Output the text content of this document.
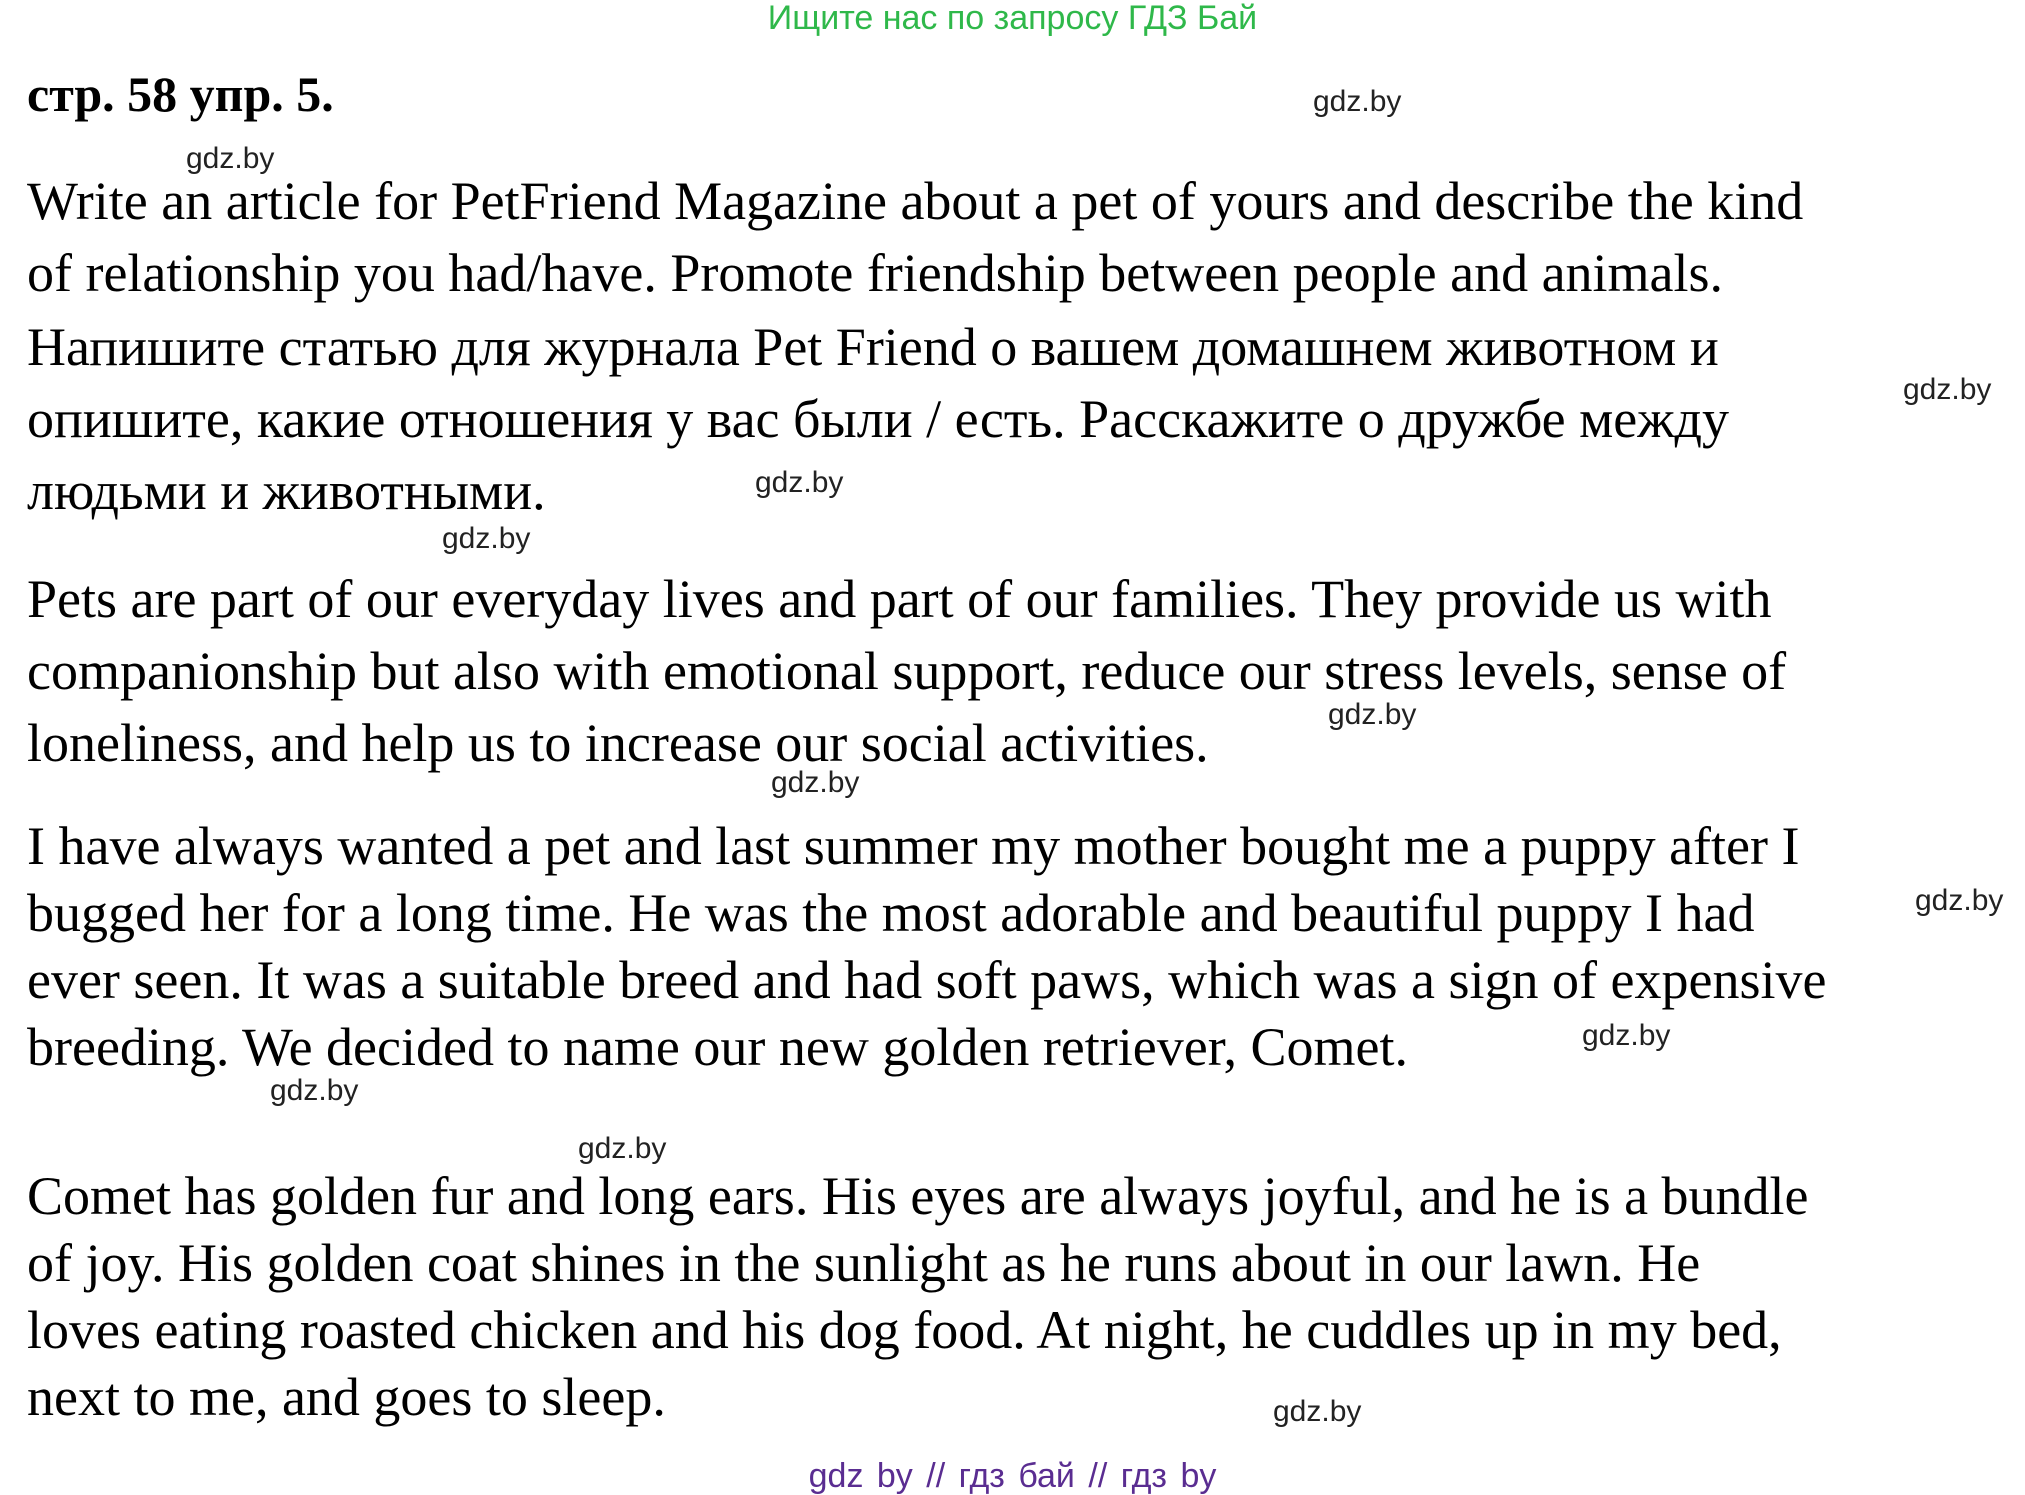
Ищите нас по запросу ГДЗ Бай
стр. 58 упр. 5.

Write an article for PetFriend Magazine about a pet of yours and describe the kind
of relationship you had/have. Promote friendship between people and animals.

Напишите статью для журнала Pet Friend о вашем домашнем животном и
опишите, какие отношения у вас были / есть. Расскажите о дружбе между
людьми и животными.

Pets are part of our everyday lives and part of our families. They provide us with
companionship but also with emotional support, reduce our stress levels, sense of
loneliness, and help us to increase our social activities.

I have always wanted a pet and last summer my mother bought me a puppy after I
bugged her for a long time. He was the most adorable and beautiful puppy I had
ever seen. It was a suitable breed and had soft paws, which was a sign of expensive
breeding. We decided to name our new golden retriever, Comet.

Comet has golden fur and long ears. His eyes are always joyful, and he is a bundle
of joy. His golden coat shines in the sunlight as he runs about in our lawn. He
loves eating roasted chicken and his dog food. At night, he cuddles up in my bed,
next to me, and goes to sleep.

gdz.by
gdz.by
gdz.by
gdz.by
gdz.by
gdz.by
gdz.by
gdz.by
gdz.by
gdz.by
gdz.by
gdz.by
gdz by // гдз бай // гдз by
